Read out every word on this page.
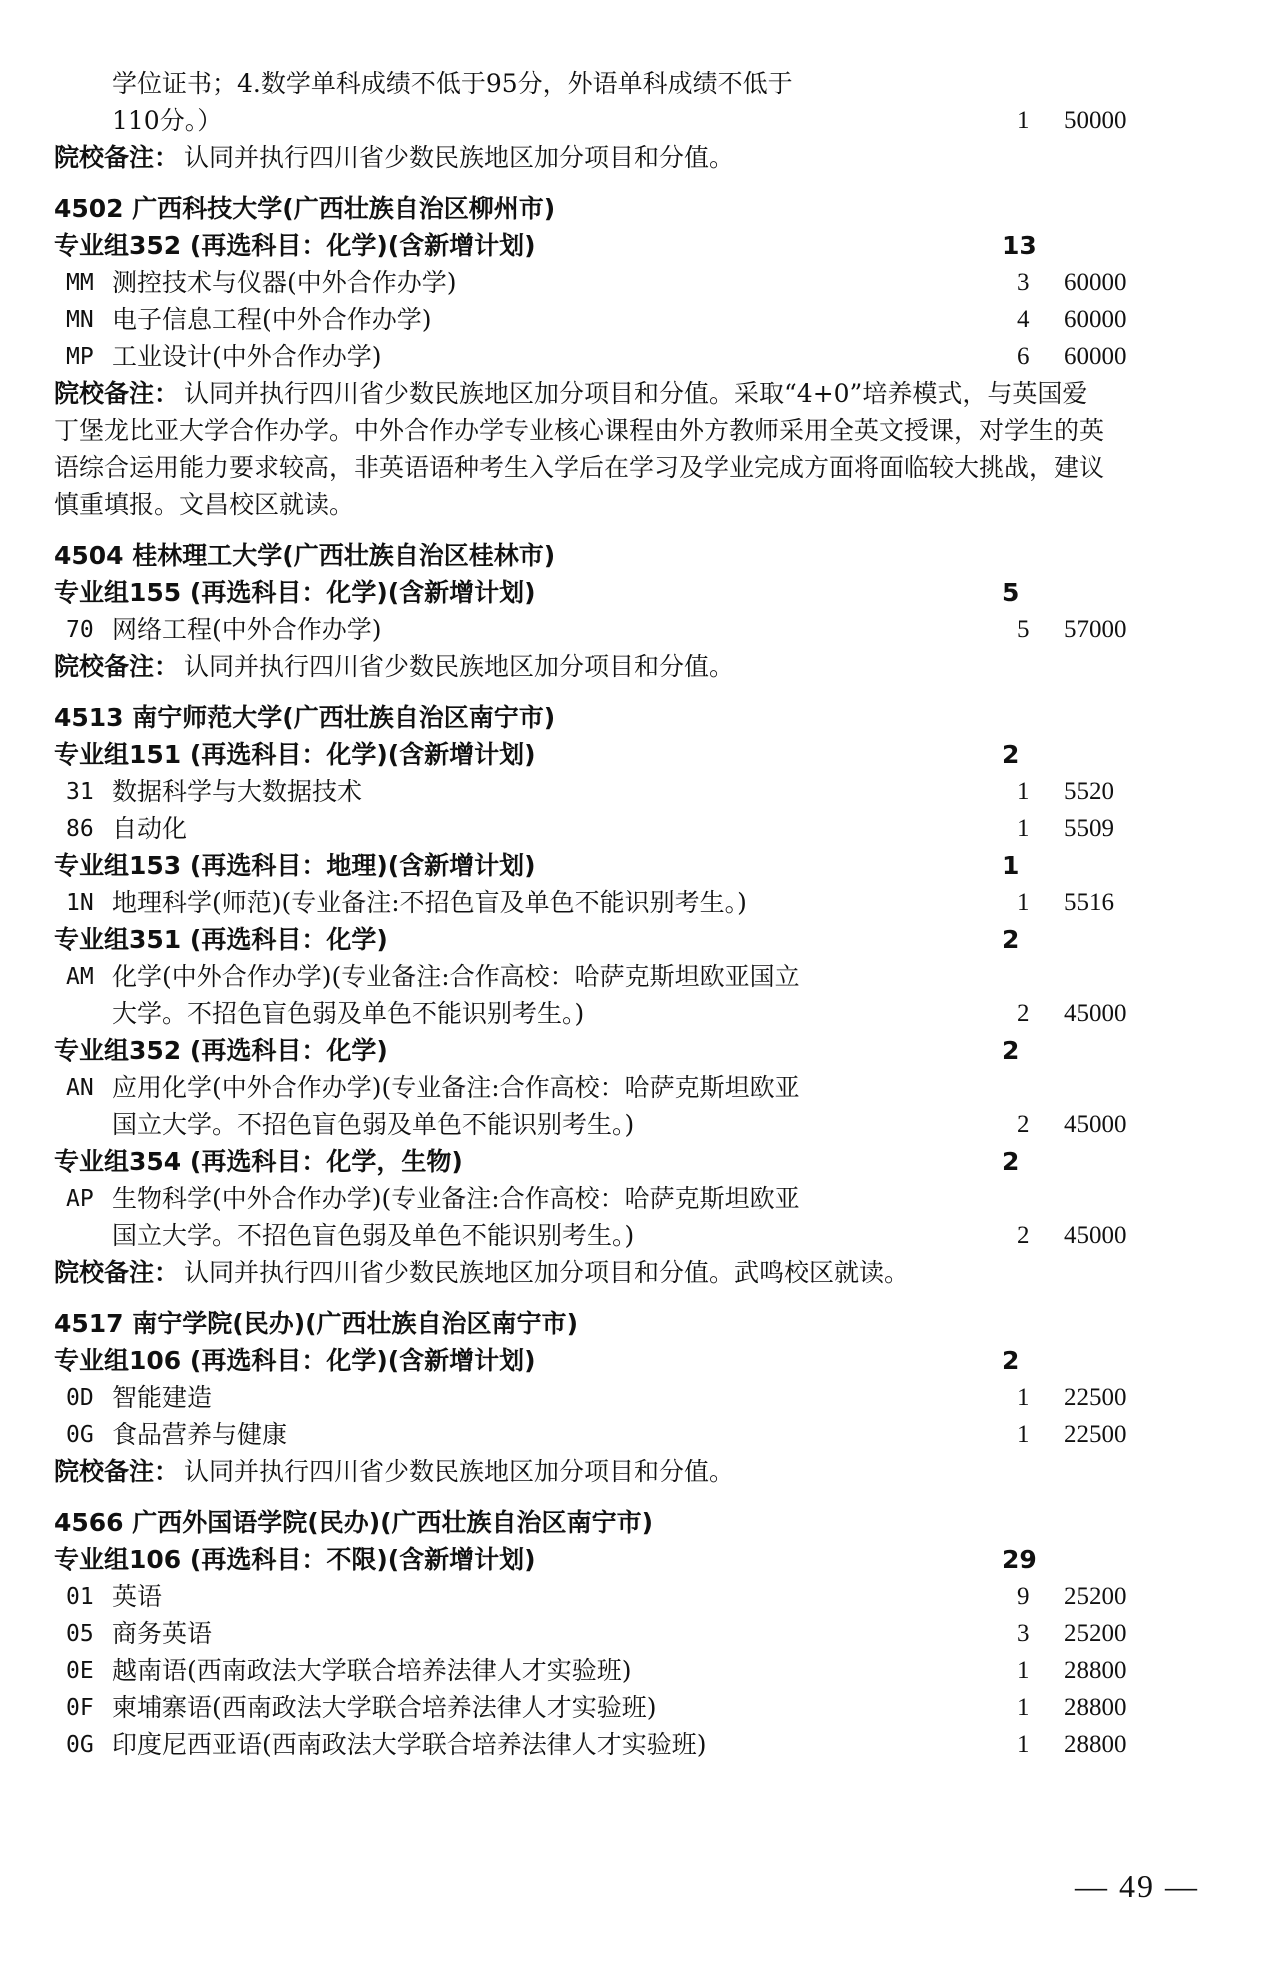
学位证书；4.数学单科成绩不低于95分，外语单科成绩不低于
110分。）	1 50000
院校备注： 认同并执行四川省少数民族地区加分项目和分值。
4502 广西科技大学(广西壮族自治区柳州市)
专业组352 (再选科目：化学)(含新增计划)	13
MM 测控技术与仪器(中外合作办学)	3 60000
MN 电子信息工程(中外合作办学)	4 60000
MP 工业设计(中外合作办学)	6 60000
院校备注： 认同并执行四川省少数民族地区加分项目和分值。采取“4+0”培养模式，与英国爱
丁堡龙比亚大学合作办学。中外合作办学专业核心课程由外方教师采用全英文授课，对学生的英
语综合运用能力要求较高，非英语语种考生入学后在学习及学业完成方面将面临较大挑战，建议
慎重填报。文昌校区就读。
4504 桂林理工大学(广西壮族自治区桂林市)
专业组155 (再选科目：化学)(含新增计划)	5
70 网络工程(中外合作办学)	5 57000
院校备注： 认同并执行四川省少数民族地区加分项目和分值。
4513 南宁师范大学(广西壮族自治区南宁市)
专业组151 (再选科目：化学)(含新增计划)	2
31 数据科学与大数据技术	1 5520
86 自动化	1 5509
专业组153 (再选科目：地理)(含新增计划)	1
1N 地理科学(师范)(专业备注:不招色盲及单色不能识别考生。)	1 5516
专业组351 (再选科目：化学)	2
AM 化学(中外合作办学)(专业备注:合作高校：哈萨克斯坦欧亚国立
大学。不招色盲色弱及单色不能识别考生。)	2 45000
专业组352 (再选科目：化学)	2
AN 应用化学(中外合作办学)(专业备注:合作高校：哈萨克斯坦欧亚
国立大学。不招色盲色弱及单色不能识别考生。)	2 45000
专业组354 (再选科目：化学，生物)	2
AP 生物科学(中外合作办学)(专业备注:合作高校：哈萨克斯坦欧亚
国立大学。不招色盲色弱及单色不能识别考生。)	2 45000
院校备注： 认同并执行四川省少数民族地区加分项目和分值。武鸣校区就读。
4517 南宁学院(民办)(广西壮族自治区南宁市)
专业组106 (再选科目：化学)(含新增计划)	2
0D 智能建造	1 22500
0G 食品营养与健康	1 22500
院校备注： 认同并执行四川省少数民族地区加分项目和分值。
4566 广西外国语学院(民办)(广西壮族自治区南宁市)
专业组106 (再选科目：不限)(含新增计划)	29
01 英语	9 25200
05 商务英语	3 25200
0E 越南语(西南政法大学联合培养法律人才实验班)	1 28800
0F 柬埔寨语(西南政法大学联合培养法律人才实验班)	1 28800
0G 印度尼西亚语(西南政法大学联合培养法律人才实验班)	1 28800
— 49 —
